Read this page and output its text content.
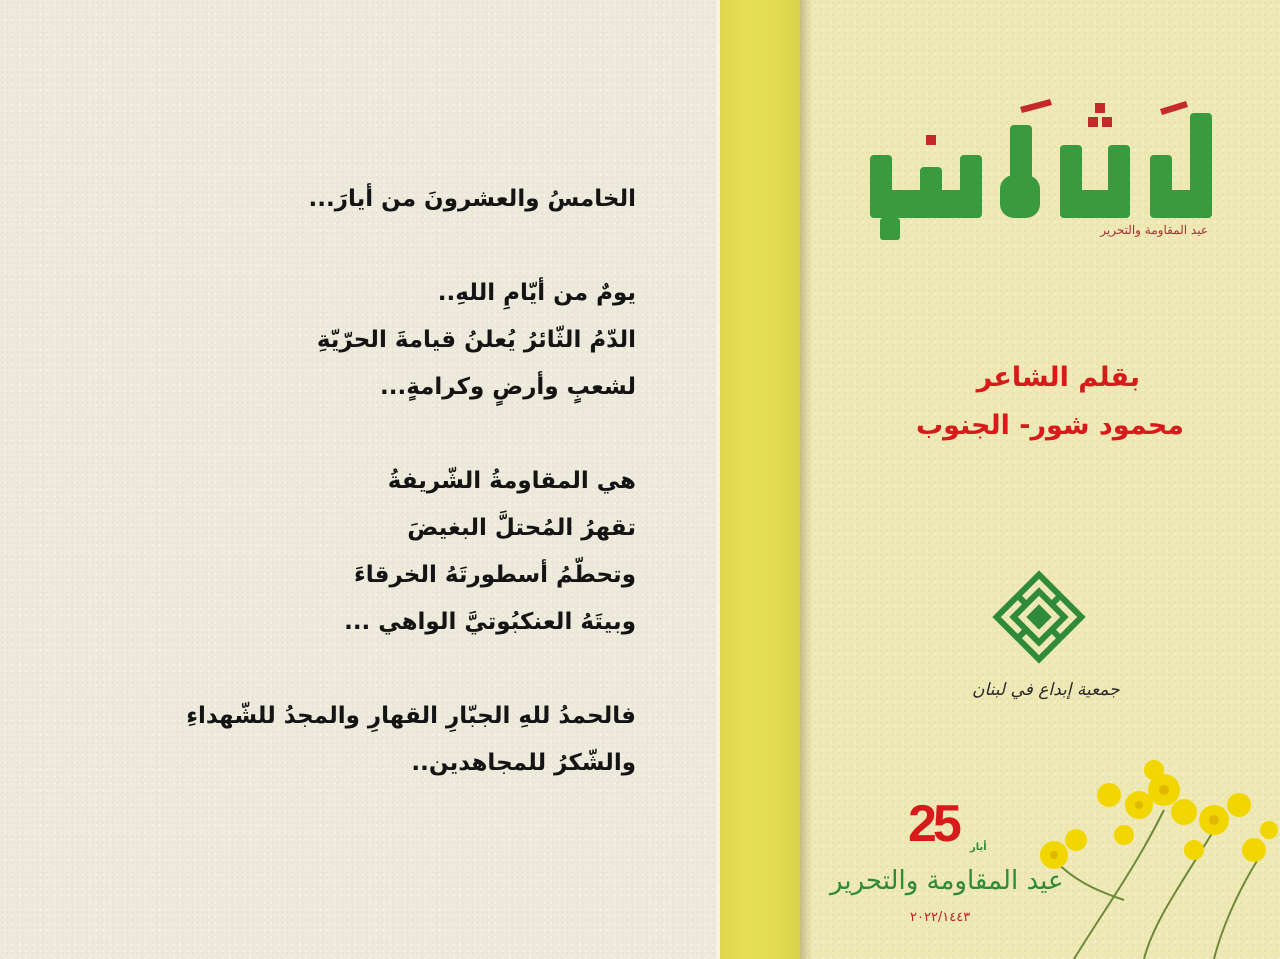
الخامسُ والعشرونَ من أيارَ...
يومٌ من أيّامِ اللهِ..
الدّمُ الثّائرُ يُعلنُ قيامةَ الحرّيّةِ
لشعبٍ وأرضٍ وكرامةٍ...
هي المقاومةُ الشّريفةُ
تقهرُ المُحتلَّ البغيضَ
وتحطّمُ أسطورتَهُ الخرقاءَ
وبيتَهُ العنكبُوتيَّ الواهي ...
فالحمدُ للهِ الجبّارِ القهارِ والمجدُ للشّهداءِ
والشّكرُ للمجاهدين..
عيد المقاومة والتحرير
بقلم الشاعر
محمود شور- الجنوب
جمعية إبداع في لبنان
25 أيار
عيد المقاومة والتحرير
٢٠٢٢/١٤٤٣
